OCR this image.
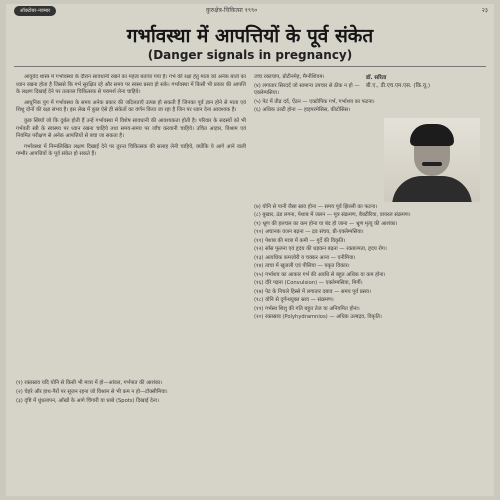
ऑक्टोबर-नवम्बर	कुरुक्षेत्र-चिकित्सा १९९०	२३
गर्भावस्था में आपत्तियों के पूर्व संकेत
(Danger signals in pregnancy)

आयुर्वेद शास्त्र में गर्भावस्था के दौरान सावधानी रखने का महत्व बताया गया है। गर्भ की रक्षा हेतु माता को अनेक बातों का ध्यान रखना होता है जिससे कि गर्भ सुरक्षित रहे और समय पर स्वस्थ प्रसव हो सके। गर्भावस्था में किसी भी प्रकार की आपत्ति के लक्षण दिखाई देने पर तत्काल चिकित्सक से परामर्श लेना चाहिये।

आधुनिक युग में गर्भावस्था के समय अनेक प्रकार की जटिलताएँ उत्पन्न हो सकती हैं जिनका पूर्व ज्ञान होने से माता एवं शिशु दोनों की रक्षा संभव है। इस लेख में कुछ ऐसे ही संकेतों का वर्णन किया जा रहा है जिन पर ध्यान देना आवश्यक है।

कुछ स्त्रियाँ जो कि दुर्बल होती हैं उन्हें गर्भावस्था में विशेष सावधानी की आवश्यकता होती है। परिवार के सदस्यों को भी गर्भवती स्त्री के स्वास्थ्य पर ध्यान रखना चाहिये तथा समय-समय पर जाँच करवानी चाहिये। उचित आहार, विश्राम एवं नियमित परीक्षण से अनेक आपत्तियों से बचा जा सकता है।

गर्भावस्था में निम्नलिखित लक्षण दिखाई देने पर तुरन्त चिकित्सक की सलाह लेनी चाहिये, क्योंकि ये आगे आने वाली गम्भीर आपत्तियों के पूर्व संकेत हो सकते हैं।

(१) रक्तस्राव यदि योनि से किसी भी मात्रा में हो—आंवल, गर्भपात की आशंका।
(२) चेहरे और हाथ-पैरों पर सूजन रहना जो विश्राम से भी कम न हो—टॉक्सीमिया।
(३) दृष्टि में धुंधलापन, आँखों के आगे चिंगारी या धब्बे (Spots) दिखाई देना।
उच्च रक्तचाप, प्रोटीनमेह, मैग्नीशियम।
(४) लगातार सिरदर्द जो सामान्य उपचार से ठीक न हो — एक्लेम्पसिया।
(५) पेट में तीव्र दर्द, ऐंठन — एक्टोपिक गर्भ, गर्भाशय का फटना।
(६) अधिक उल्टी होना — हाइपरमेसिस, कीटोसिस।
डॉ. सरिता
बी.ए., डी.एच.एम.एस. (कि.यू.)
(७) योनि से पानी जैसा स्राव होना — समय पूर्व झिल्ली का फटना।
(८) बुखार, ठंड लगना, पेशाब में जलन — मूत्र संक्रमण, बैक्टीरिया, वायरल संक्रमण।
(९) भ्रूण की हलचल का कम होना या बंद हो जाना — भ्रूण मृत्यु की आशंका।
(१०) अचानक वजन बढ़ना — द्रव संचय, प्री-एक्लेम्पसिया।
(११) पेशाब की मात्रा में कमी — गुर्दे की विकृति।
(१२) साँस फूलना एवं हृदय की धड़कन बढ़ना — रक्ताल्पता, हृदय रोग।
(१३) अत्यधिक कमजोरी व चक्कर आना — एनीमिया।
(१४) त्वचा में खुजली एवं पीलिया — यकृत विकार।
(१५) गर्भाशय का आकार गर्भ की अवधि से बहुत अधिक या कम होना।
(१६) दौरे पड़ना (Convulsion) — एक्लेम्पसिया, मिर्गी।
(१७) पेट के निचले हिस्से में लगातार दबाव — समय पूर्व प्रसव।
(१८) योनि से दुर्गन्धयुक्त स्राव — संक्रमण।
(१९) गर्भस्थ शिशु की गति बहुत तेज या अनियमित होना।
(२०) रक्तस्राव (Polyhydramnios) — अधिक उल्बद्रव, विकृति।
